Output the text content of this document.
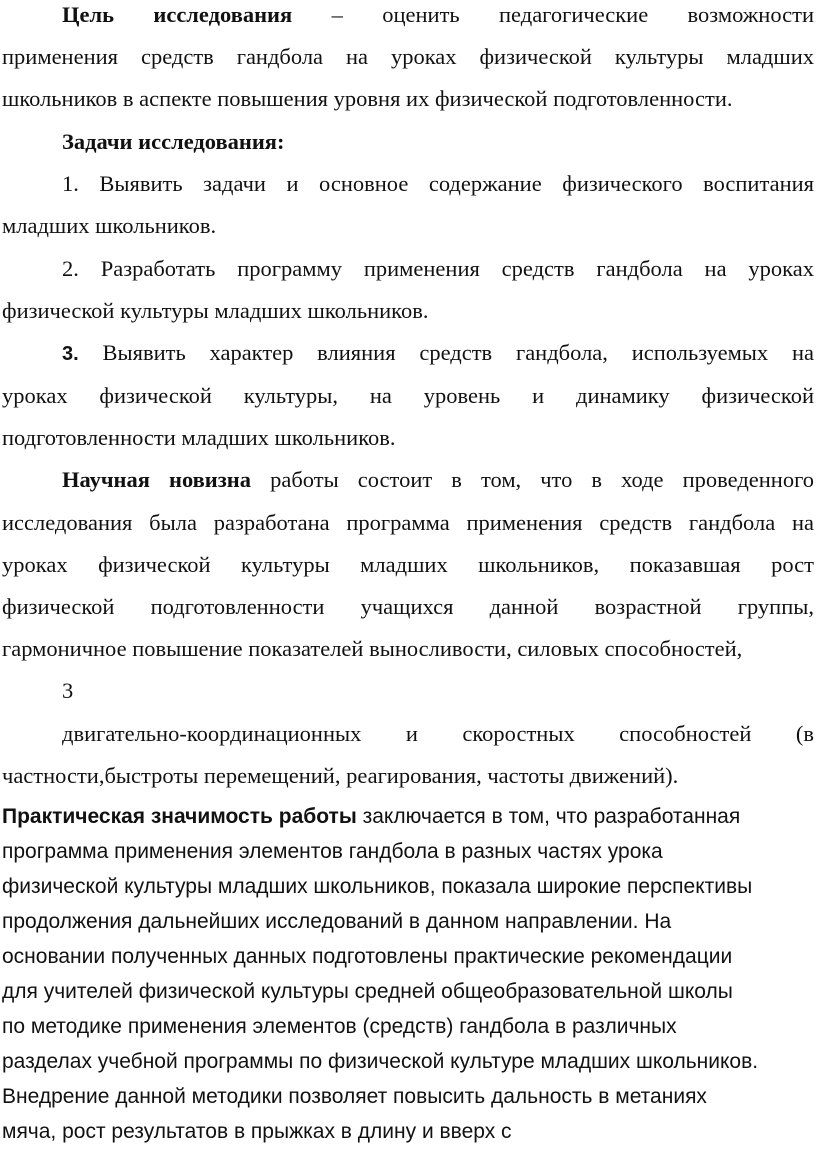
Цель исследования – оценить педагогические возможности
применения средств гандбола на уроках физической культуры младших
школьников в аспекте повышения уровня их физической подготовленности.
Задачи исследования:
1. Выявить задачи и основное содержание физического воспитания
младших школьников.
2. Разработать программу применения средств гандбола на уроках
физической культуры младших школьников.
3. Выявить характер влияния средств гандбола, используемых на
уроках физической культуры, на уровень и динамику физической
подготовленности младших школьников.
Научная новизна работы состоит в том, что в ходе проведенного
исследования была разработана программа применения средств гандбола на
уроках физической культуры младших школьников, показавшая рост
физической подготовленности учащихся данной возрастной группы,
гармоничное повышение показателей выносливости, силовых способностей,
3
двигательно-координационных и скоростных способностей (в
частности,быстроты перемещений, реагирования, частоты движений).
Практическая значимость работы заключается в том, что разработанная
программа применения элементов гандбола в разных частях урока
физической культуры младших школьников, показала широкие перспективы
продолжения дальнейших исследований в данном направлении. На
основании полученных данных подготовлены практические рекомендации
для учителей физической культуры средней общеобразовательной школы
по методике применения элементов (средств) гандбола в различных
разделах учебной программы по физической культуре младших школьников.
Внедрение данной методики позволяет повысить дальность в метаниях
мяча, рост результатов в прыжках в длину и вверх с
